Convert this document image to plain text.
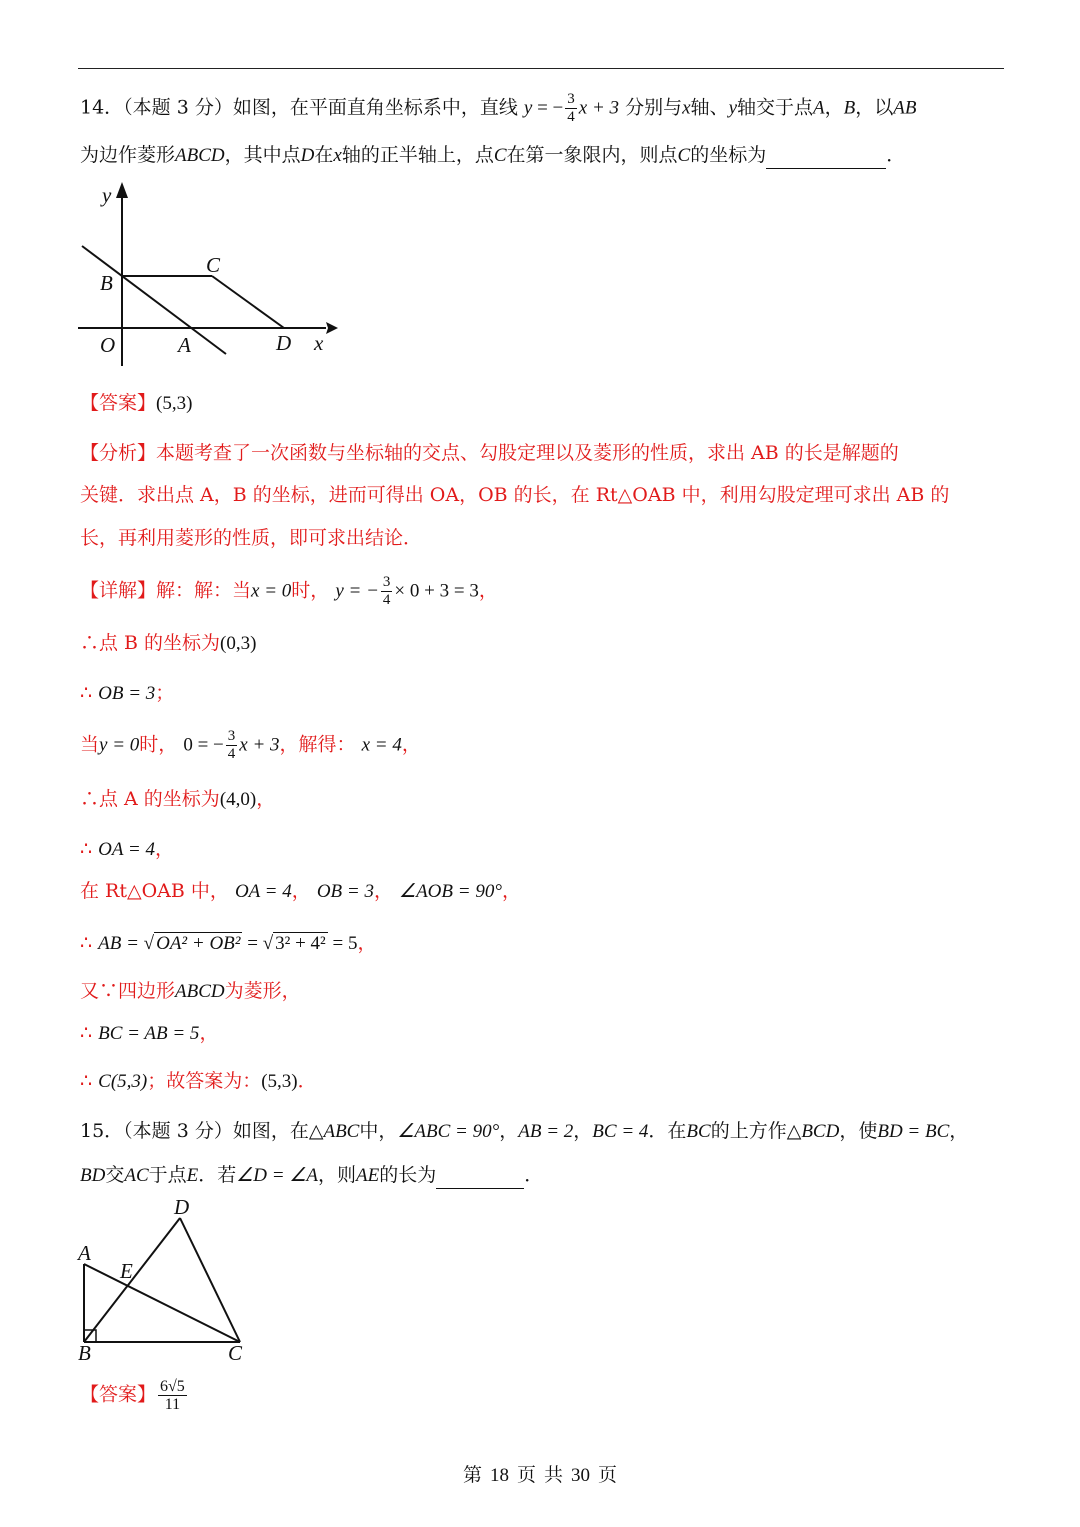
14．（本题 3 分）如图，在平面直角坐标系中，直线 y = − $\frac{3}{4}$ x + 3 分别与x轴、y轴交于点A，B，以AB
为边作菱形ABCD，其中点D在x轴的正半轴上，点C在第一象限内，则点C的坐标为	．
y
x
O	A
B
C
D
【答案】(5,3)
【分析】本题考查了一次函数与坐标轴的交点、勾股定理以及菱形的性质，求出 AB 的长是解题的
关键．求出点 A，B 的坐标，进而可得出 OA，OB 的长，在 Rt△OAB 中，利用勾股定理可求出 AB 的
长，再利用菱形的性质，即可求出结论．
【详解】解：解：当x = 0时， y = − $\frac{3}{4} \times 0 + 3 = 3$，
∴点 B 的坐标为(0,3)
∴ OB = 3；
当y = 0时， 0 = − $\frac{3}{4}$ x + 3，解得： x = 4，
∴点 A 的坐标为(4,0)，
∴ OA = 4，
在 Rt△OAB 中， OA = 4， OB = 3， ∠AOB = 90°，
∴ AB = √ OA² + OB² = √ 3² + 4² = 5，
又∵四边形ABCD为菱形，
∴ BC = AB = 5，
∴ C(5,3)；故答案为：(5,3)．
15．（本题 3 分）如图，在△ABC中，∠ABC = 90°，AB = 2，BC = 4．在BC的上方作△BCD，使BD = BC，
BD交AC于点E．若∠D = ∠A，则AE的长为	．
A
B	C
D
E
【答案】 $\frac{6√5}{11}$
第 18 页 共 30 页
